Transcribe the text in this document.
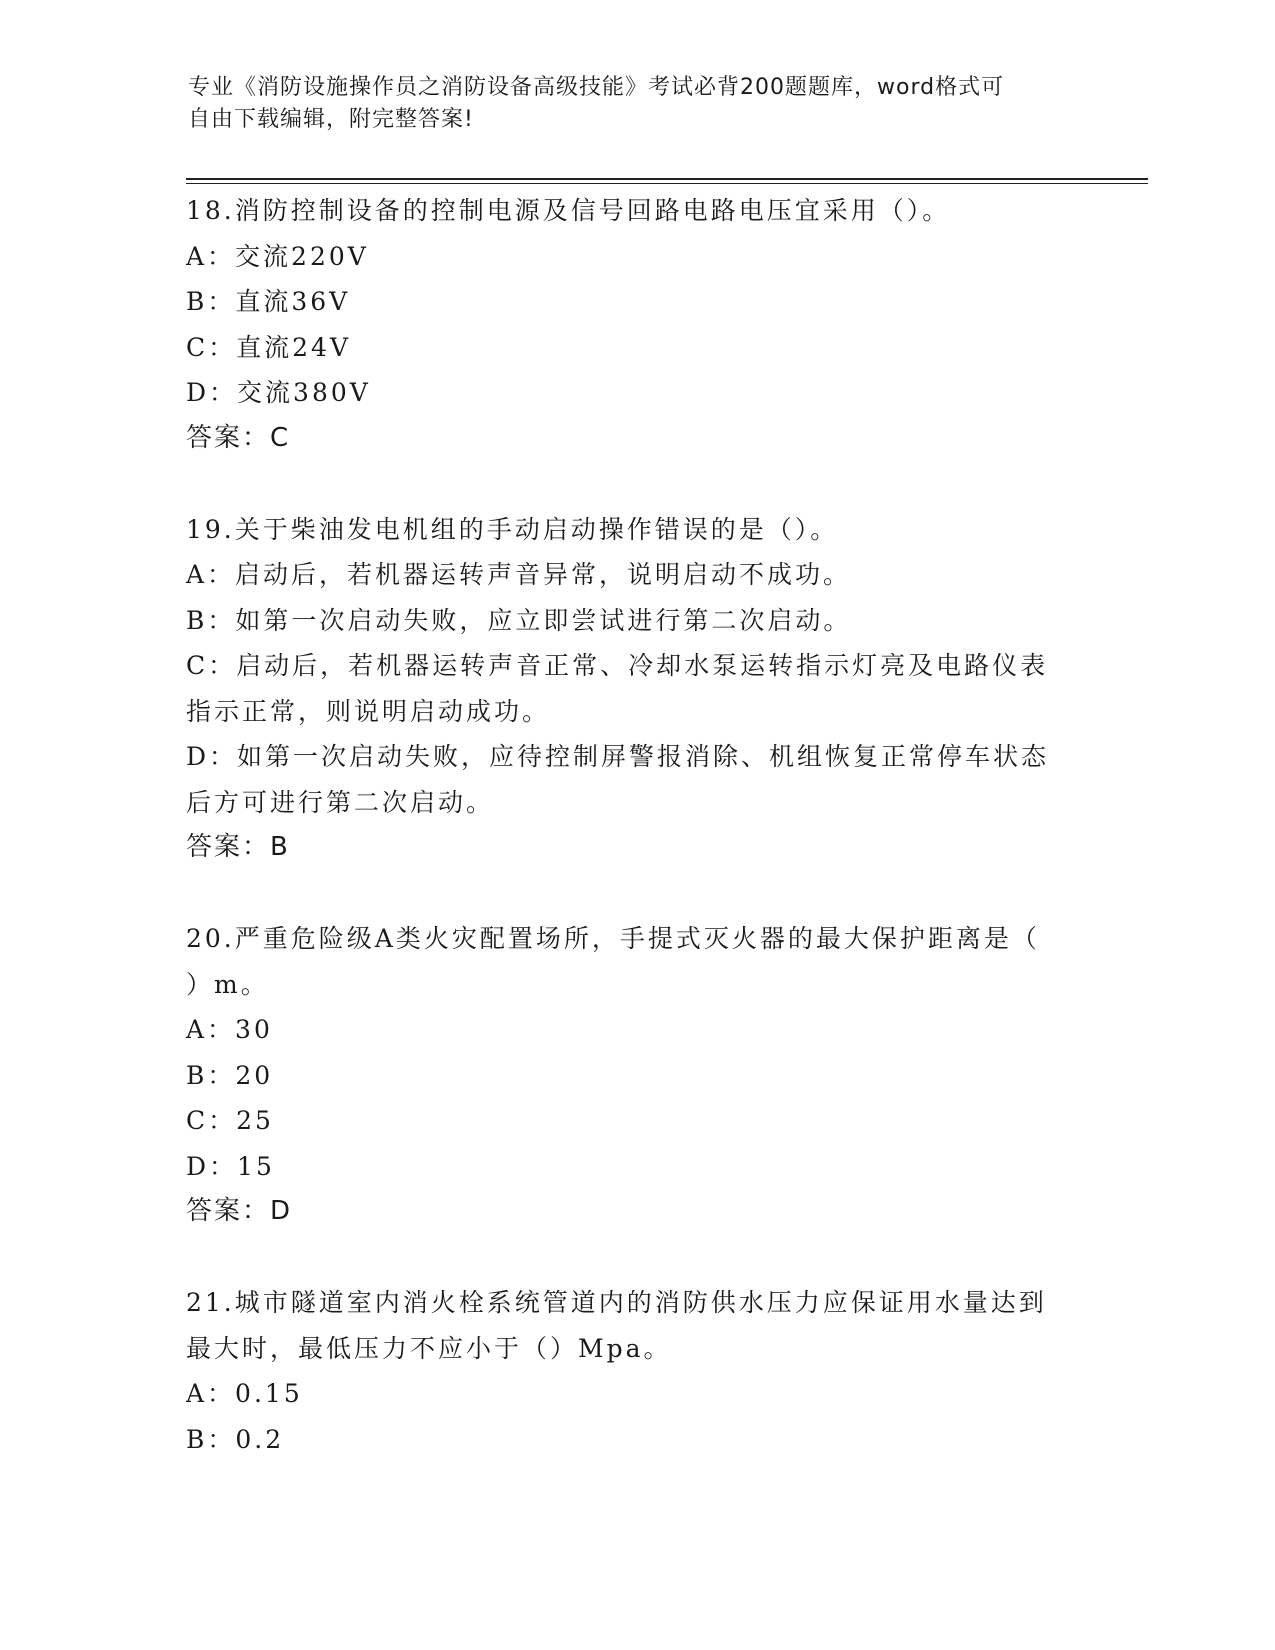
专业《消防设施操作员之消防设备高级技能》考试必背200题题库，word格式可
自由下载编辑，附完整答案!
18.消防控制设备的控制电源及信号回路电路电压宜采用（）。
A：交流220V
B：直流36V
C：直流24V
D：交流380V
答案：C
19.关于柴油发电机组的手动启动操作错误的是（）。
A：启动后，若机器运转声音异常，说明启动不成功。
B：如第一次启动失败，应立即尝试进行第二次启动。
C：启动后，若机器运转声音正常、冷却水泵运转指示灯亮及电路仪表
指示正常，则说明启动成功。
D：如第一次启动失败，应待控制屏警报消除、机组恢复正常停车状态
后方可进行第二次启动。
答案：B
20.严重危险级A类火灾配置场所，手提式灭火器的最大保护距离是（
）m。
A：30
B：20
C：25
D：15
答案：D
21.城市隧道室内消火栓系统管道内的消防供水压力应保证用水量达到
最大时，最低压力不应小于（）Mpa。
A：0.15
B：0.2
